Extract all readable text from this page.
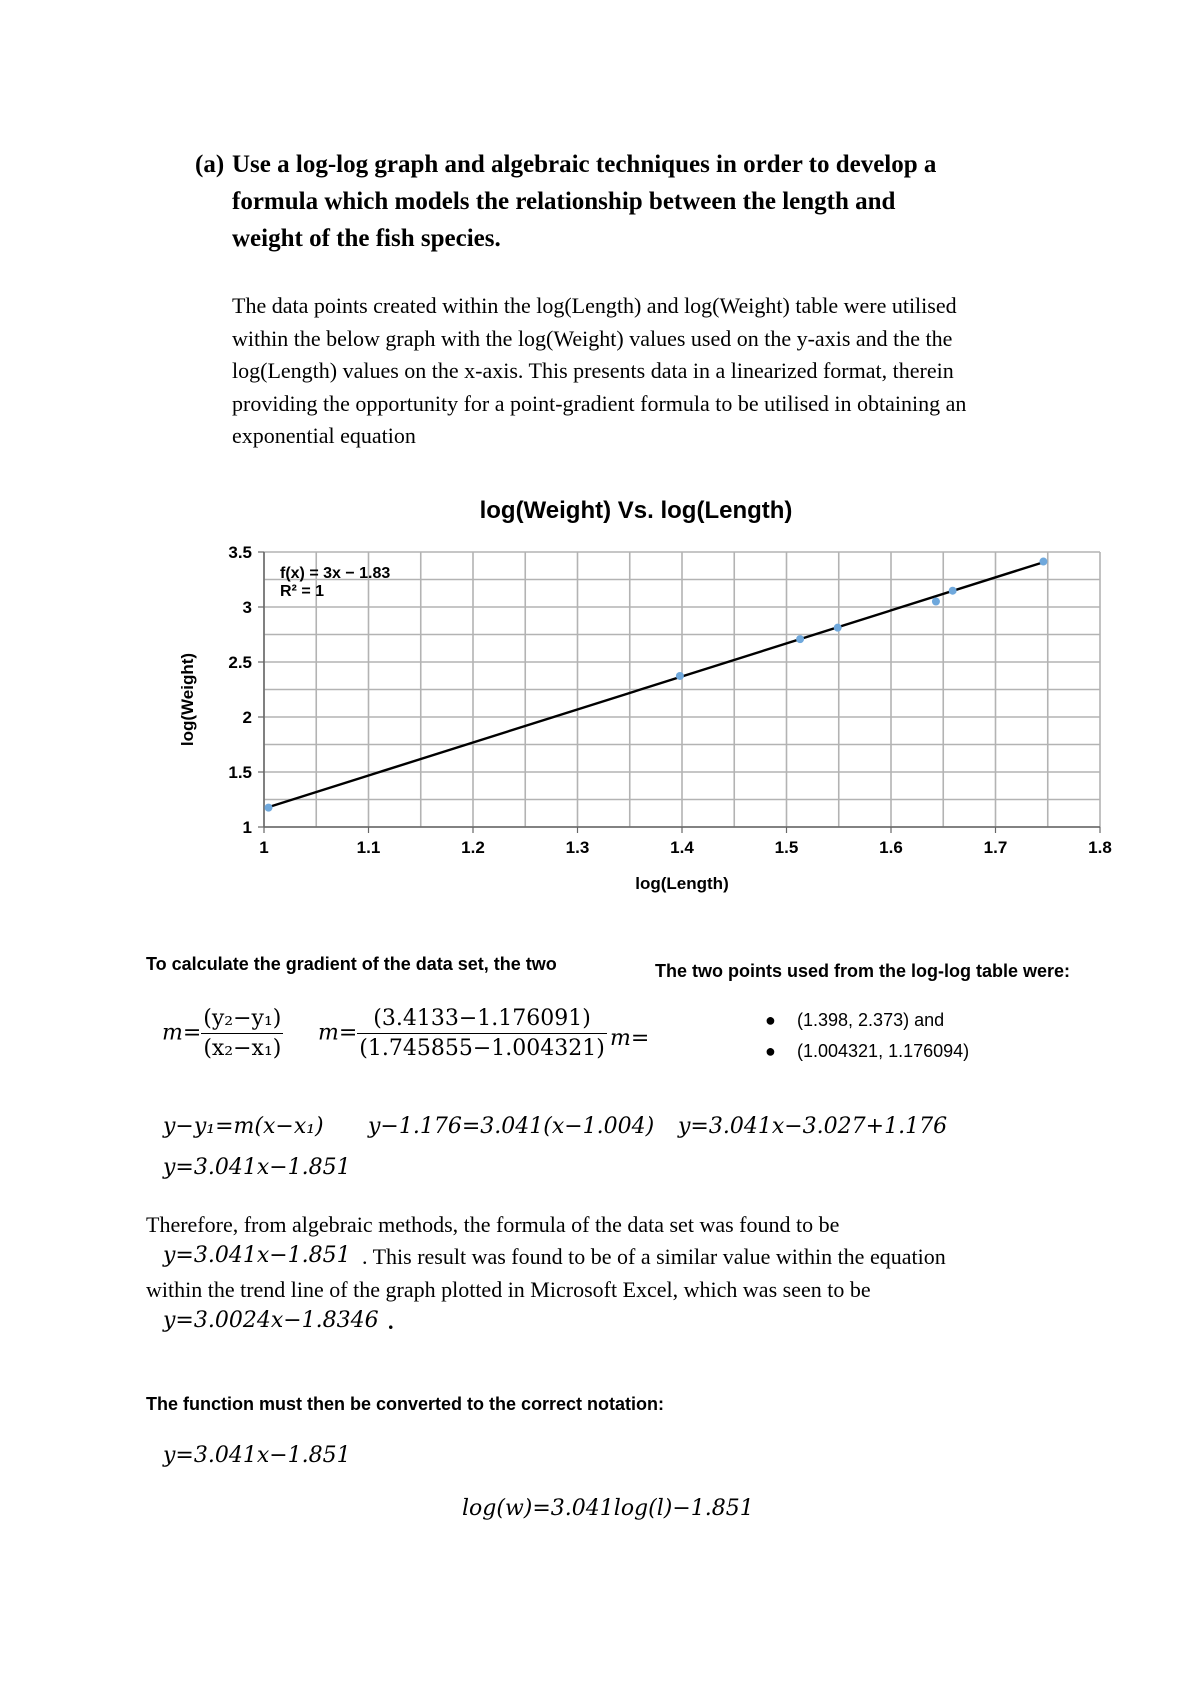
(a) Use a log-log graph and algebraic techniques in order to develop a
formula which models the relationship between the length and
weight of the fish species.
The data points created within the log(Length) and log(Weight) table were utilised
within the below graph with the log(Weight) values used on the y-axis and the the
log(Length) values on the x-axis. This presents data in a linearized format, therein
providing the opportunity for a point-gradient formula to be utilised in obtaining an
exponential equation
1	1.1	1.2	1.3	1.4	1.5	1.6	1.7	1.8
1
1.5
2
2.5
3
3.5
log(Weight) Vs. log(Length)
log(Length)
log(Weight)
f(x) = 3x − 1.83
R² = 1
To calculate the gradient of the data set, the two	The two points used from the log-log table were:
$m= \frac{\text{(y₂−y₁)}}{\text{(x₂−x₁)}} m= \frac{(3.4133-1.176091)}{(1.745855-1.004321)} m=$
● (1.398, 2.373) and
● (1.004321, 1.176094)
y−y₁=m(x−x₁) y−1.176=3.041(x−1.004) y=3.041x−3.027+1.176
y=3.041x−1.851
Therefore, from algebraic methods, the formula of the data set was found to be
y=3.041x−1.851 . This result was found to be of a similar value within the equation
within the trend line of the graph plotted in Microsoft Excel, which was seen to be
y=3.0024x−1.8346 .
The function must then be converted to the correct notation:
y=3.041x−1.851
log(w)=3.041log(l)−1.851
